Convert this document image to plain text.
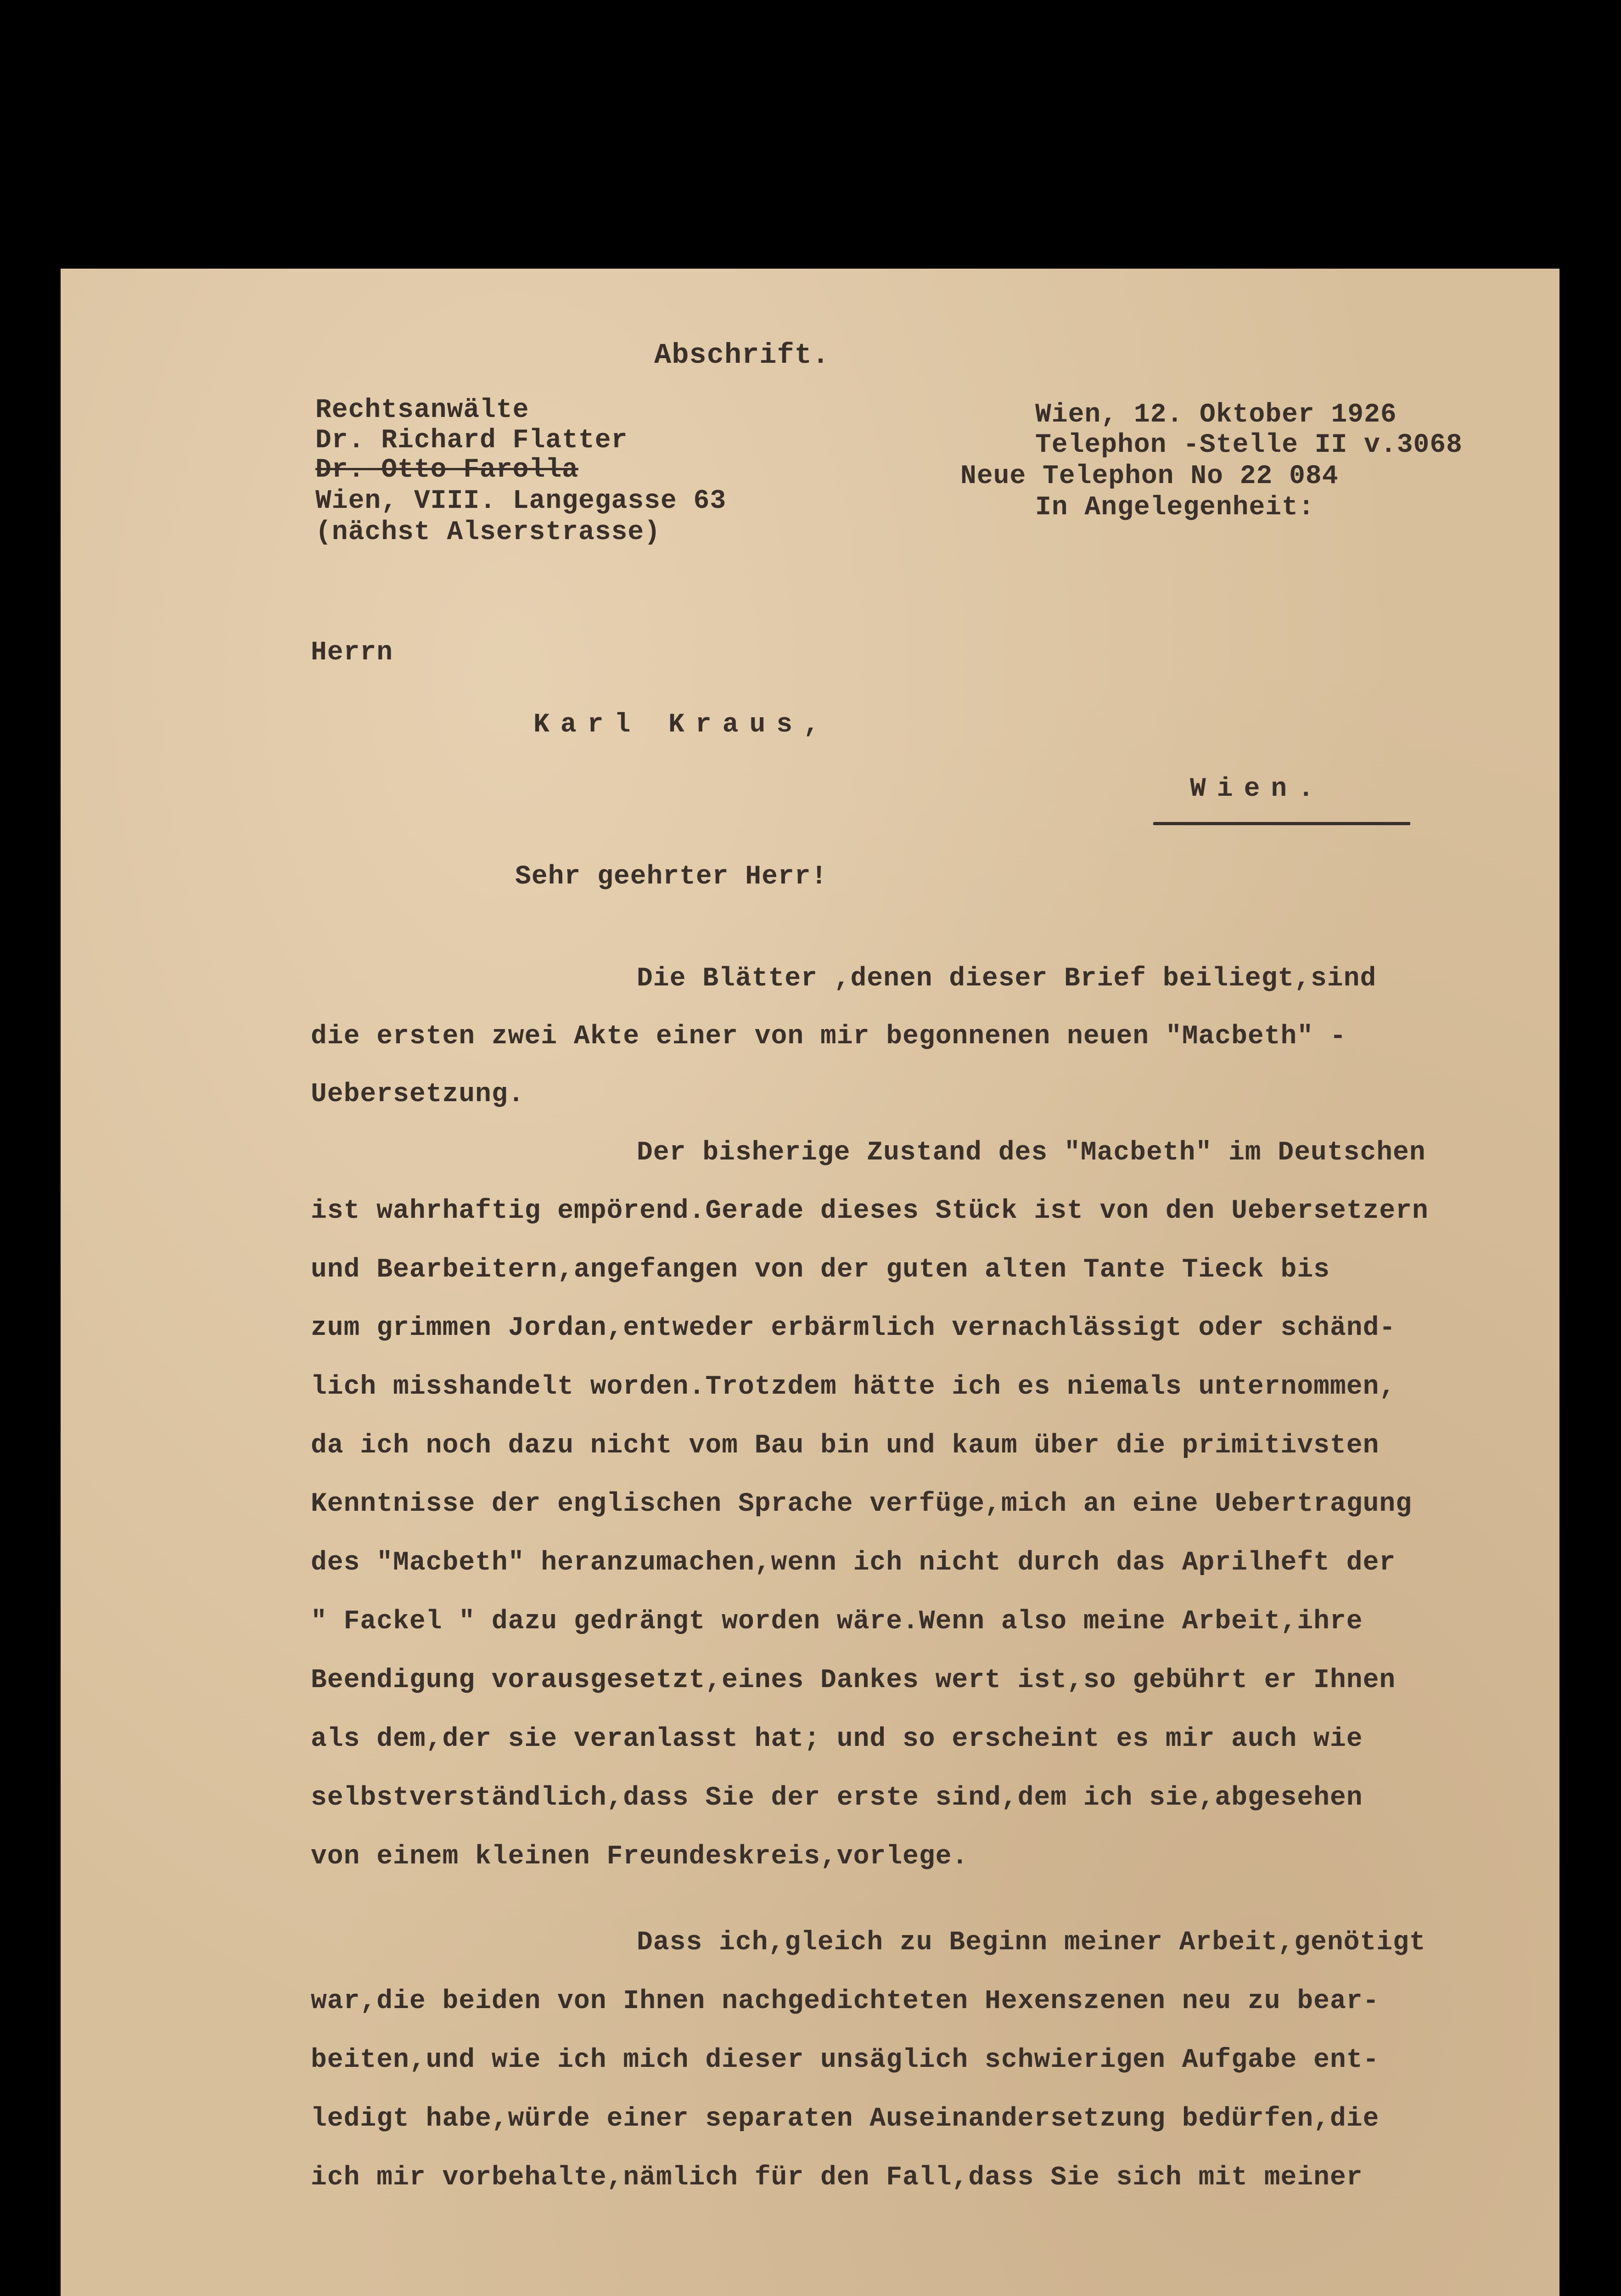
Abschrift.
Rechtsanwälte
Dr. Richard Flatter
Dr. Otto Farolla
Wien, VIII. Langegasse 63
(nächst Alserstrasse)
Wien, 12. Oktober 1926
Telephon -Stelle II v.3068
Neue Telephon No 22 084
In Angelegenheit:
Herrn
Karl Kraus,
Wien.
Sehr geehrter Herr!
Die Blätter ,denen dieser Brief beiliegt,sind
die ersten zwei Akte einer von mir begonnenen neuen "Macbeth" -
Uebersetzung.
Der bisherige Zustand des "Macbeth" im Deutschen
ist wahrhaftig empörend.Gerade dieses Stück ist von den Uebersetzern
und Bearbeitern,angefangen von der guten alten Tante Tieck bis
zum grimmen Jordan,entweder erbärmlich vernachlässigt oder schänd-
lich misshandelt worden.Trotzdem hätte ich es niemals unternommen,
da ich noch dazu nicht vom Bau bin und kaum über die primitivsten
Kenntnisse der englischen Sprache verfüge,mich an eine Uebertragung
des "Macbeth" heranzumachen,wenn ich nicht durch das Aprilheft der
" Fackel " dazu gedrängt worden wäre.Wenn also meine Arbeit,ihre
Beendigung vorausgesetzt,eines Dankes wert ist,so gebührt er Ihnen
als dem,der sie veranlasst hat; und so erscheint es mir auch wie
selbstverständlich,dass Sie der erste sind,dem ich sie,abgesehen
von einem kleinen Freundeskreis,vorlege.
Dass ich,gleich zu Beginn meiner Arbeit,genötigt
war,die beiden von Ihnen nachgedichteten Hexenszenen neu zu bear-
beiten,und wie ich mich dieser unsäglich schwierigen Aufgabe ent-
ledigt habe,würde einer separaten Auseinandersetzung bedürfen,die
ich mir vorbehalte,nämlich für den Fall,dass Sie sich mit meiner
